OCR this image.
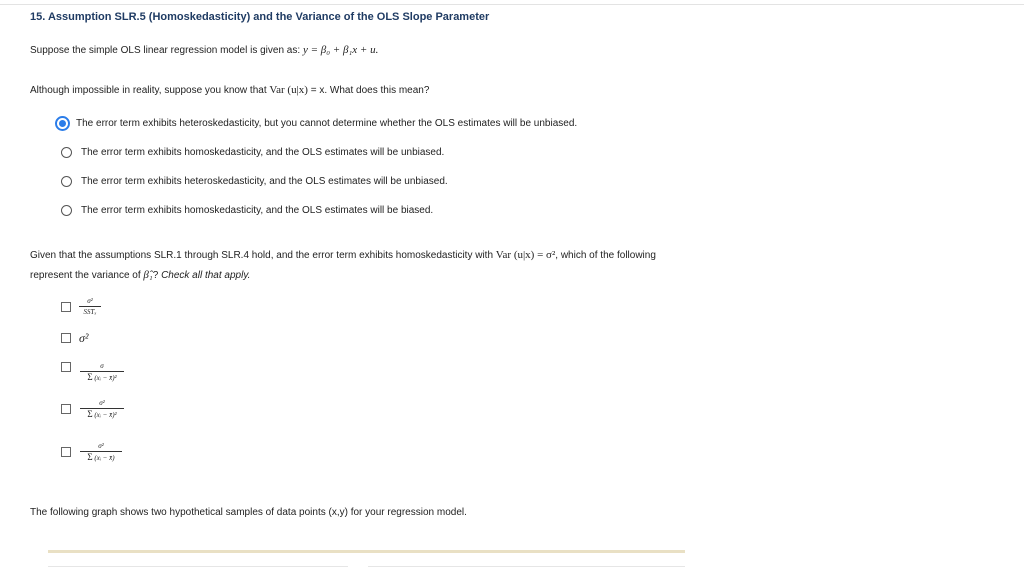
15. Assumption SLR.5 (Homoskedasticity) and the Variance of the OLS Slope Parameter
Suppose the simple OLS linear regression model is given as: y = β₀ + β₁x + u.
Although impossible in reality, suppose you know that Var (u|x) = x. What does this mean?
The error term exhibits heteroskedasticity, but you cannot determine whether the OLS estimates will be unbiased.
The error term exhibits homoskedasticity, and the OLS estimates will be unbiased.
The error term exhibits heteroskedasticity, and the OLS estimates will be unbiased.
The error term exhibits homoskedasticity, and the OLS estimates will be biased.
Given that the assumptions SLR.1 through SLR.4 hold, and the error term exhibits homoskedasticity with Var (u|x) = σ², which of the following
represent the variance of β̂₁? Check all that apply.
σ²
SSTₓ
σ²
σ
Σ (xᵢ − x̄)²
σ²
Σ (xᵢ − x̄)²
σ²
Σ (xᵢ − x̄)
The following graph shows two hypothetical samples of data points (x,y) for your regression model.
